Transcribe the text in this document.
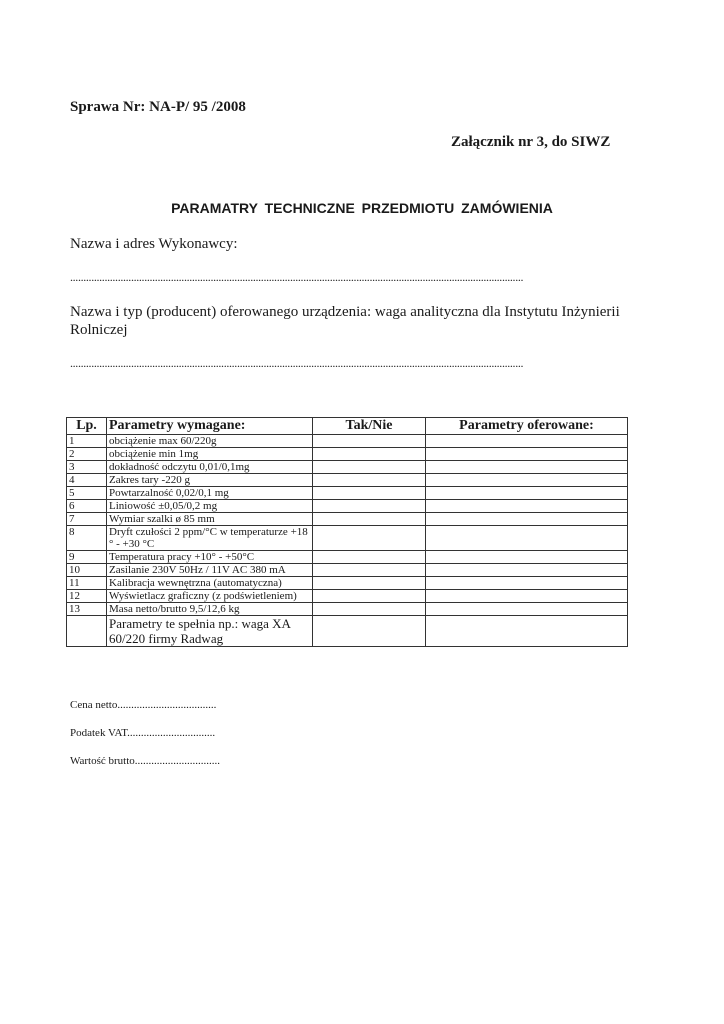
Sprawa Nr: NA-P/ 95 /2008
Załącznik nr 3, do SIWZ
PARAMATRY TECHNICZNE PRZEDMIOTU ZAMÓWIENIA
Nazwa i adres Wykonawcy:
...........................................................................................................................................................................
Nazwa i typ (producent) oferowanego urządzenia: waga analityczna dla Instytutu Inżynierii Rolniczej
...........................................................................................................................................................................
Lp.	Parametry wymagane:	Tak/Nie	Parametry oferowane:
1	obciążenie max 60/220g		
2	obciążenie min 1mg		
3	dokładność odczytu 0,01/0,1mg		
4	Zakres tary -220 g		
5	Powtarzalność 0,02/0,1 mg		
6	Liniowość ±0,05/0,2 mg		
7	Wymiar szalki ø 85 mm		
8	Dryft czułości 2 ppm/°C w temperaturze +18 ° - +30 °C		
9	Temperatura pracy +10° - +50°C		
10	Zasilanie 230V 50Hz / 11V AC 380 mA		
11	Kalibracja wewnętrzna (automatyczna)		
12	Wyświetlacz graficzny (z podświetleniem)		
13	Masa netto/brutto 9,5/12,6 kg		
	Parametry te spełnia np.: waga XA 60/220 firmy Radwag		
Cena netto....................................
Podatek VAT................................
Wartość brutto...............................
